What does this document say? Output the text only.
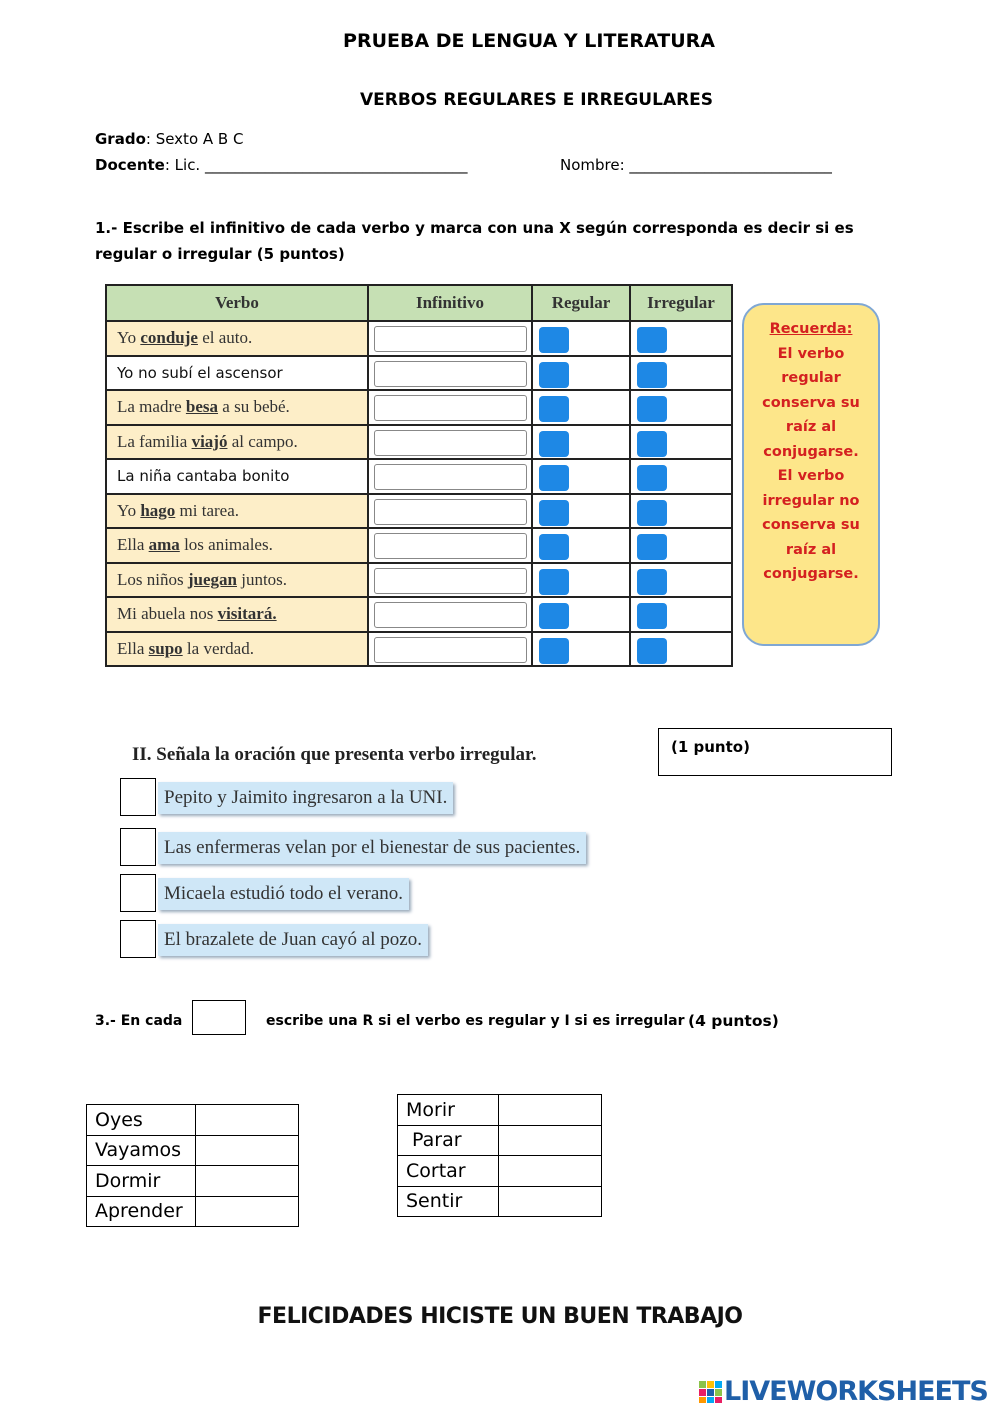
PRUEBA DE LENGUA Y LITERATURA
VERBOS REGULARES E IRREGULARES
Grado: Sexto A B C
Docente: Lic. ___________________________________	Nombre: ___________________________
1.- Escribe el infinitivo de cada verbo y marca con una X según corresponda es decir si es
regular o irregular (5 puntos)
Verbo	Infinitivo	Regular	Irregular
Yo conduje el auto.	

Yo no subí el ascensor	

La madre besa a su bebé.	

La familia viajó al campo.	

La niña cantaba bonito	

Yo hago mi tarea.	

Ella ama los animales.	

Los niños juegan juntos.	

Mi abuela nos visitará.	

Ella supo la verdad.	

Recuerda:
El verbo
regular
conserva su
raíz al
conjugarse.
El verbo
irregular no
conserva su
raíz al
conjugarse.
II. Señala la oración que presenta verbo irregular.	(1 punto)
Pepito y Jaimito ingresaron a la UNI.
Las enfermeras velan por el bienestar de sus pacientes.
Micaela estudió todo el verano.
El brazalete de Juan cayó al pozo.
3.- En cada	escribe una R si el verbo es regular y I si es irregular (4 puntos)
Oyes	

Vayamos	

Dormir	

Aprender	
Morir	

Parar	

Cortar	

Sentir	
FELICIDADES HICISTE UN BUEN TRABAJO
LIVEWORKSHEETS
